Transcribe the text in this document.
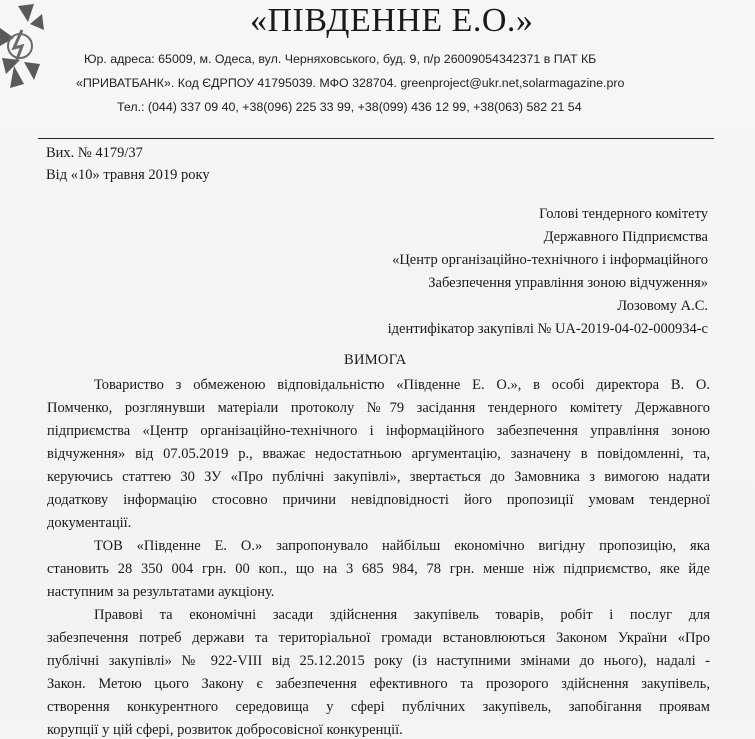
«ПІВДЕННЕ Е.О.»
Юр. адреса: 65009, м. Одеса, вул. Черняховського, буд. 9, п/р 26009054342371 в ПАТ КБ
«ПРИВАТБАНК». Код ЄДРПОУ 41795039. МФО 328704. greenproject@ukr.net,solarmagazine.pro
Тел.: (044) 337 09 40, +38(096) 225 33 99, +38(099) 436 12 99, +38(063) 582 21 54
Вих. № 4179/37
Від «10» травня 2019 року
Голові тендерного комітету
Державного Підприємства
«Центр організаційно-технічного і інформаційного
Забезпечення управління зоною відчуження»
Лозовому А.С.
ідентифікатор закупівлі № UA-2019-04-02-000934-c
ВИМОГА
Товариство з обмеженою відповідальністю «Південне Е. О.», в особі директора В. О.
Помченко, розглянувши матеріали протоколу №79 засідання тендерного комітету Державного
підприємства «Центр організаційно-технічного і інформаційного забезпечення управління зоною
відчуження» від 07.05.2019 р., вважає недостатньою аргументацію, зазначену в повідомленні, та,
керуючись статтею 30 ЗУ «Про публічні закупівлі», звертається до Замовника з вимогою надати
додаткову інформацію стосовно причини невідповідності його пропозиції умовам тендерної
документації.
ТОВ «Південне Е. О.» запропонувало найбільш економічно вигідну пропозицію, яка
становить 28 350 004 грн. 00 коп., що на 3 685 984, 78 грн. менше ніж підприємство, яке йде
наступним за результатами аукціону.
Правові та економічні засади здійснення закупівель товарів, робіт і послуг для
забезпечення потреб держави та територіальної громади встановлюються Законом України «Про
публічні закупівлі» № 922-VIII від 25.12.2015 року (із наступними змінами до нього), надалі -
Закон. Метою цього Закону є забезпечення ефективного та прозорого здійснення закупівель,
створення конкурентного середовища у сфері публічних закупівель, запобігання проявам
корупції у цій сфері, розвиток добросовісної конкуренції.
